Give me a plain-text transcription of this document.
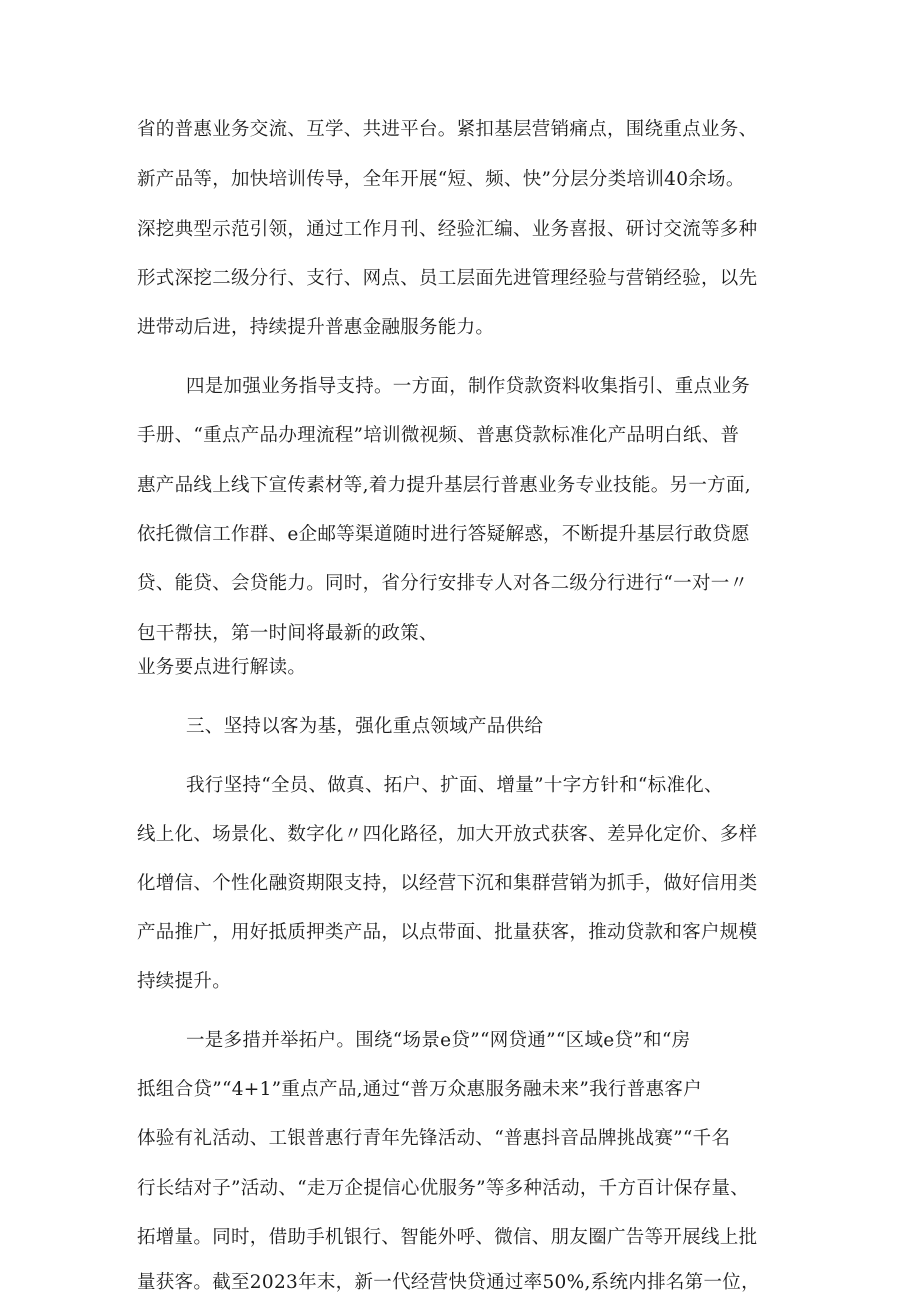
省的普惠业务交流、互学、共进平台。紧扣基层营销痛点，围绕重点业务、
新产品等，加快培训传导，全年开展“短、频、快”分层分类培训40余场。
深挖典型示范引领，通过工作月刊、经验汇编、业务喜报、研讨交流等多种
形式深挖二级分行、支行、网点、员工层面先进管理经验与营销经验，以先
进带动后进，持续提升普惠金融服务能力。
四是加强业务指导支持。一方面，制作贷款资料收集指引、重点业务
手册、“重点产品办理流程”培训微视频、普惠贷款标准化产品明白纸、普
惠产品线上线下宣传素材等,着力提升基层行普惠业务专业技能。另一方面,
依托微信工作群、e企邮等渠道随时进行答疑解惑，不断提升基层行敢贷愿
贷、能贷、会贷能力。同时，省分行安排专人对各二级分行进行“一对一〃
包干帮扶，第一时间将最新的政策、
业务要点进行解读。
三、坚持以客为基，强化重点领域产品供给
我行坚持“全员、做真、拓户、扩面、增量”十字方针和“标准化、
线上化、场景化、数字化〃四化路径，加大开放式获客、差异化定价、多样
化增信、个性化融资期限支持，以经营下沉和集群营销为抓手，做好信用类
产品推广，用好抵质押类产品，以点带面、批量获客，推动贷款和客户规模
持续提升。
一是多措并举拓户。围绕“场景e贷”“网贷通”“区域e贷”和“房
抵组合贷”“4+1”重点产品,通过“普万众惠服务融未来”我行普惠客户
体验有礼活动、工银普惠行青年先锋活动、“普惠抖音品牌挑战赛”“千名
行长结对子”活动、“走万企提信心优服务”等多种活动，千方百计保存量、
拓增量。同时，借助手机银行、智能外呼、微信、朋友圈广告等开展线上批
量获客。截至2023年末，新一代经营快贷通过率50%,系统内排名第一位，
